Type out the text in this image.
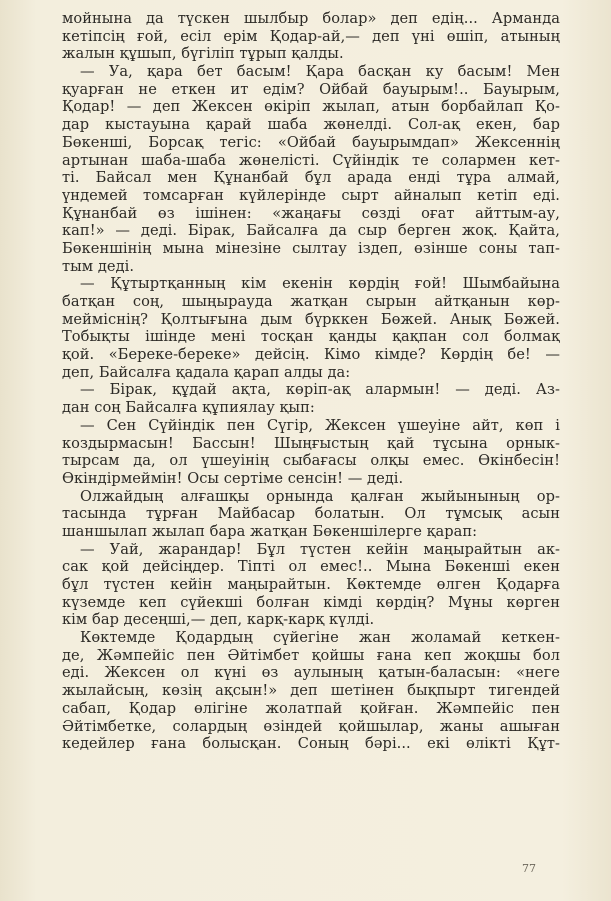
мойнына да түскен шылбыр болар» деп едің... Арманда
кетіпсің ғой, есіл ерім Қодар-ай,— деп үні өшіп, атының
жалын құшып, бүгіліп тұрып қалды.
— Уа, қара бет басым! Қара басқан ку басым! Мен
қуарған не еткен ит едім? Ойбай бауырым!.. Бауырым,
Қодар! — деп Жексен өкіріп жылап, атын борбайлап Қо-
дар кыстауына қарай шаба жөнелді. Сол-ақ екен, бар
Бөкенші, Борсақ тегіс: «Ойбай бауырымдап» Жексеннің
артынан шаба-шаба жөнелісті. Сүйіндік те солармен кет-
ті. Байсал мен Құнанбай бұл арада енді тұра алмай,
үндемей томсарған күйлерінде сырт айналып кетіп еді.
Құнанбай өз ішінен: «жаңағы сөзді оғат айттым-ау,
кап!» — деді. Бірак, Байсалға да сыр берген жоқ. Қайта,
Бөкеншінің мына мінезіне сылтау іздеп, өзінше соны тап-
тым деді.
— Құтыртқанның кім екенін көрдің ғой! Шымбайына
батқан соң, шыңырауда жатқан сырын айтқанын көр-
мейміснің? Қолтығына дым бүрккен Бөжей. Анық Бөжей.
Тобықты ішінде мені тосқан қанды қақпан сол болмақ
қой. «Береке-береке» дейсің. Кімо кімде? Көрдің бе! —
деп, Байсалға қадала қарап алды да:
— Бірак, құдай ақта, көріп-ақ алармын! — деді. Аз-
дан соң Байсалға құпиялау қып:
— Сен Сүйіндік пен Сүгір, Жексен үшеуіне айт, көп і
коздырмасын! Бассын! Шыңғыстың қай тұсына орнык-
тырсам да, ол үшеуінің сыбағасы олқы емес. Өкінбесін!
Өкіндірмеймін! Осы сертіме сенсін! — деді.
Олжайдың алғашқы орнында қалған жыйынының ор-
тасында тұрған Майбасар болатын. Ол тұмсық асын
шаншылап жылап бара жатқан Бөкеншілерге қарап:
— Уай, жарандар! Бұл түстен кейін маңырайтын ак-
сак қой дейсіңдер. Тіпті ол емес!.. Мына Бөкенші екен
бұл түстен кейін маңырайтын. Көктемде өлген Қодарға
күземде кеп сүйекші болған кімді көрдің? Мұны көрген
кім бар десеңші,— деп, карқ-карқ күлді.
Көктемде Қодардың сүйегіне жан жоламай кеткен-
де, Жәмпейіс пен Әйтімбет қойшы ғана кеп жоқшы бол
еді. Жексен ол күні өз аулының қатын-баласын: «неге
жылайсың, көзің ақсын!» деп шетінен бықпырт тигендей
сабап, Қодар өлігіне жолатпай қойған. Жәмпейіс пен
Әйтімбетке, солардың өзіндей қойшылар, жаны ашыған
кедейлер ғана болысқан. Соның бәрі... екі өлікті Құт-
77
